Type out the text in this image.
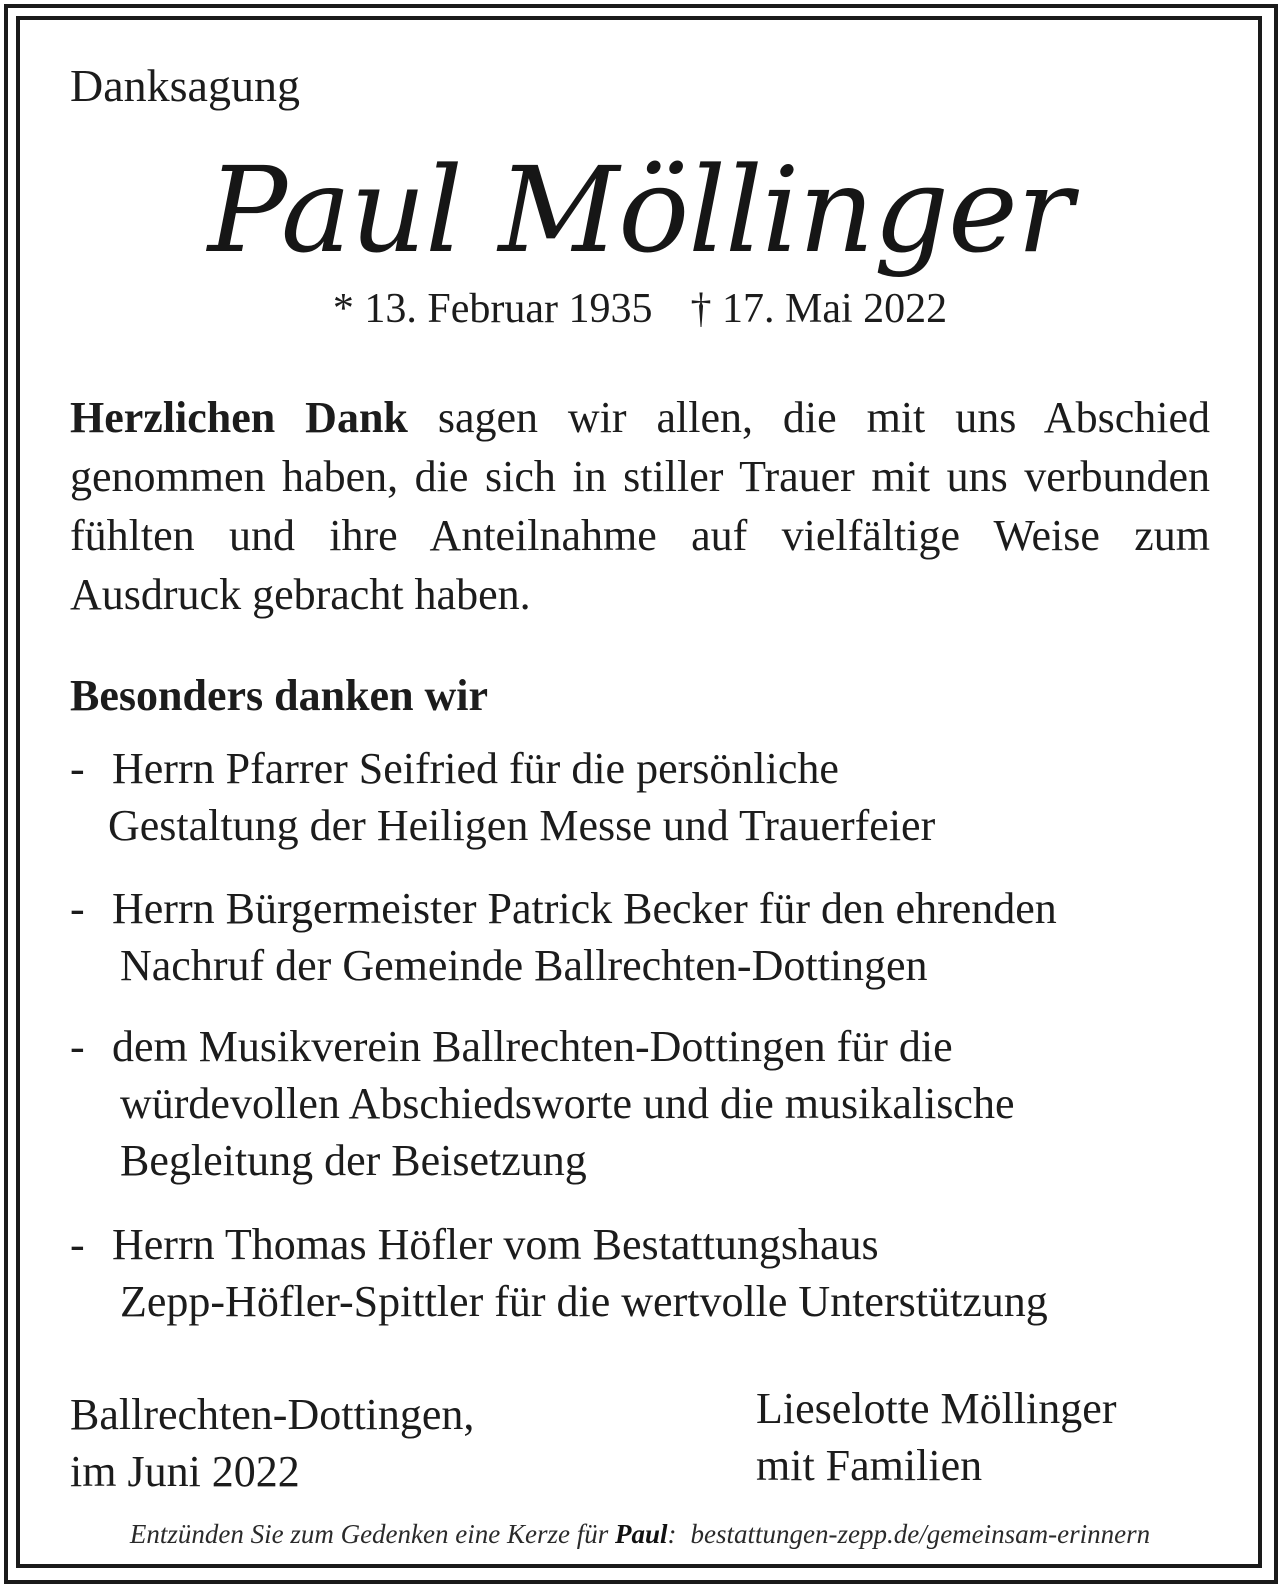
Danksagung
Paul Möllinger
* 13. Februar 1935 † 17. Mai 2022
Herzlichen Dank sagen wir allen, die mit uns Abschied genommen haben, die sich in stiller Trauer mit uns verbunden fühlten und ihre Anteilnahme auf vielfältige Weise zum Ausdruck gebracht haben.
Besonders danken wir
- Herrn Pfarrer Seifried für die persönliche
Gestaltung der Heiligen Messe und Trauerfeier
- Herrn Bürgermeister Patrick Becker für den ehrenden
Nachruf der Gemeinde Ballrechten-Dottingen
- dem Musikverein Ballrechten-Dottingen für die
würdevollen Abschiedsworte und die musikalische
Begleitung der Beisetzung
- Herrn Thomas Höfler vom Bestattungshaus
Zepp-Höfler-Spittler für die wertvolle Unterstützung
Ballrechten-Dottingen,
im Juni 2022
Lieselotte Möllinger
mit Familien
Entzünden Sie zum Gedenken eine Kerze für Paul: bestattungen-zepp.de/gemeinsam-erinnern
